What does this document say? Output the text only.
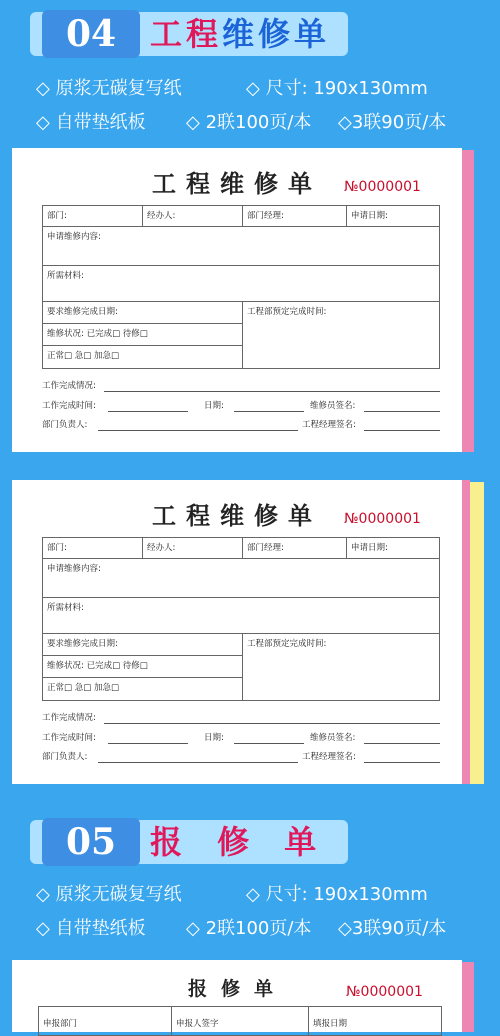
04	工程维修单
◇ 原浆无碳复写纸	◇ 尺寸: 190x130mm
◇ 自带垫纸板 ◇ 2联100页/本 ◇3联90页/本
工程维修单 №0000001
部门:	经办人:	部门经理:	申请日期:
申请维修内容:
所需材料:
要求维修完成日期:
维修状况: 已完成□ 待修□
正常□ 急□ 加急□
工程部预定完成时间:
工作完成情况:
工作完成时间:	日期:	维修员签名:
部门负责人:	工程经理签名:
工程维修单 №0000001
部门:	经办人:	部门经理:	申请日期:
申请维修内容:
所需材料:
要求维修完成日期:
维修状况: 已完成□ 待修□
正常□ 急□ 加急□
工程部预定完成时间:
工作完成情况:
工作完成时间:	日期:	维修员签名:
部门负责人:	工程经理签名:
05	报 修 单
◇ 原浆无碳复写纸	◇ 尺寸: 190x130mm
◇ 自带垫纸板 ◇ 2联100页/本 ◇3联90页/本
报修单	№0000001
申报部门	申报人签字	填报日期
